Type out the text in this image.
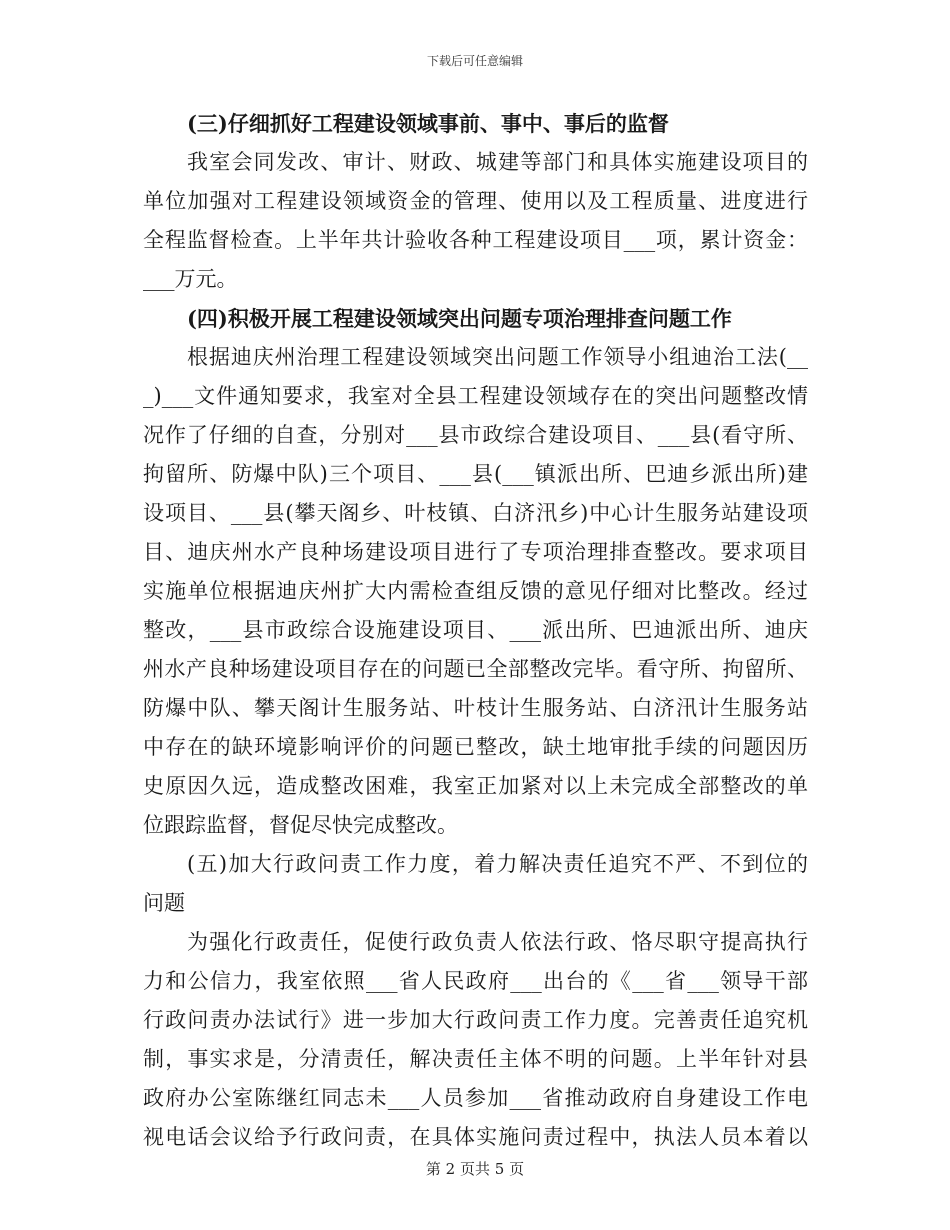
下载后可任意编辑
(三)仔细抓好工程建设领域事前、事中、事后的监督
我室会同发改、审计、财政、城建等部门和具体实施建设项目的
单位加强对工程建设领域资金的管理、使用以及工程质量、进度进行
全程监督检查。上半年共计验收各种工程建设项目___项，累计资金：
___万元。
(四)积极开展工程建设领域突出问题专项治理排查问题工作
根据迪庆州治理工程建设领域突出问题工作领导小组迪治工法(__
_)___文件通知要求，我室对全县工程建设领域存在的突出问题整改情
况作了仔细的自查，分别对___县市政综合建设项目、___县(看守所、
拘留所、防爆中队)三个项目、___县(___镇派出所、巴迪乡派出所)建
设项目、___县(攀天阁乡、叶枝镇、白济汛乡)中心计生服务站建设项
目、迪庆州水产良种场建设项目进行了专项治理排查整改。要求项目
实施单位根据迪庆州扩大内需检查组反馈的意见仔细对比整改。经过
整改，___县市政综合设施建设项目、___派出所、巴迪派出所、迪庆
州水产良种场建设项目存在的问题已全部整改完毕。看守所、拘留所、
防爆中队、攀天阁计生服务站、叶枝计生服务站、白济汛计生服务站
中存在的缺环境影响评价的问题已整改，缺土地审批手续的问题因历
史原因久远，造成整改困难，我室正加紧对以上未完成全部整改的单
位跟踪监督，督促尽快完成整改。
(五)加大行政问责工作力度，着力解决责任追究不严、不到位的
问题
为强化行政责任，促使行政负责人依法行政、恪尽职守提高执行
力和公信力，我室依照___省人民政府___出台的《___省___领导干部
行政问责办法试行》进一步加大行政问责工作力度。完善责任追究机
制，事实求是，分清责任，解决责任主体不明的问题。上半年针对县
政府办公室陈继红同志未___人员参加___省推动政府自身建设工作电
视电话会议给予行政问责，在具体实施问责过程中，执法人员本着以
第 2 页共 5 页
